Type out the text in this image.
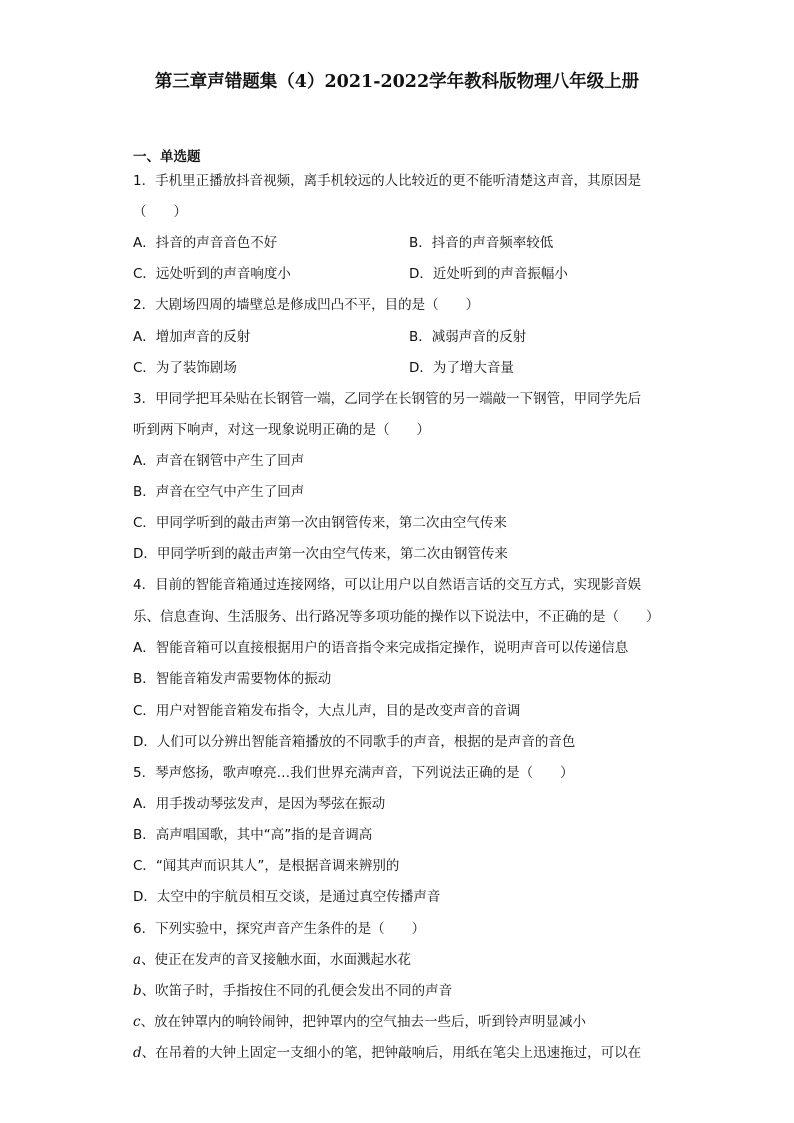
第三章声错题集（4）2021-2022学年教科版物理八年级上册
一、单选题
1．手机里正播放抖音视频，离手机较远的人比较近的更不能听清楚这声音，其原因是
（　　）
A．抖音的声音音色不好	B．抖音的声音频率较低
C．远处听到的声音响度小	D．近处听到的声音振幅小
2．大剧场四周的墙壁总是修成凹凸不平，目的是（　　）
A．增加声音的反射	B．减弱声音的反射
C．为了装饰剧场	D．为了增大音量
3．甲同学把耳朵贴在长钢管一端，乙同学在长钢管的另一端敲一下钢管，甲同学先后
听到两下响声，对这一现象说明正确的是（　　）
A．声音在钢管中产生了回声
B．声音在空气中产生了回声
C．甲同学听到的敲击声第一次由钢管传来，第二次由空气传来
D．甲同学听到的敲击声第一次由空气传来，第二次由钢管传来
4．目前的智能音箱通过连接网络，可以让用户以自然语言话的交互方式，实现影音娱
乐、信息查询、生活服务、出行路况等多项功能的操作以下说法中，不正确的是（　　）
A．智能音箱可以直接根据用户的语音指令来完成指定操作，说明声音可以传递信息
B．智能音箱发声需要物体的振动
C．用户对智能音箱发布指令，大点儿声，目的是改变声音的音调
D．人们可以分辨出智能音箱播放的不同歌手的声音，根据的是声音的音色
5．琴声悠扬，歌声嘹亮…我们世界充满声音，下列说法正确的是（　　）
A．用手拨动琴弦发声，是因为琴弦在振动
B．高声唱国歌，其中“高”指的是音调高
C．“闻其声而识其人”，是根据音调来辨别的
D．太空中的宇航员相互交谈，是通过真空传播声音
6．下列实验中，探究声音产生条件的是（　　）
a、使正在发声的音叉接触水面，水面溅起水花
b、吹笛子时，手指按住不同的孔便会发出不同的声音
c、放在钟罩内的响铃闹钟，把钟罩内的空气抽去一些后，听到铃声明显减小
d、在吊着的大钟上固定一支细小的笔，把钟敲响后，用纸在笔尖上迅速拖过，可以在
